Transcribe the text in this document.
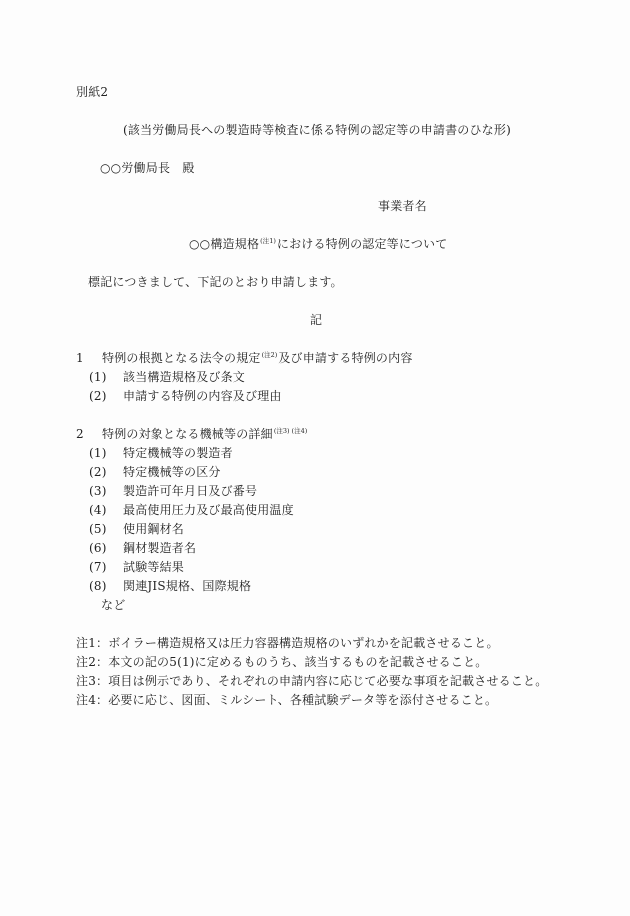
別紙2
(該当労働局長への製造時等検査に係る特例の認定等の申請書のひな形)
○○労働局長　殿
事業者名
○○構造規格$^{(注1)}$における特例の認定等について
標記につきまして、下記のとおり申請します。
記
1 特例の根拠となる法令の規定$^{(注2)}$及び申請する特例の内容
(1) 該当構造規格及び条文
(2) 申請する特例の内容及び理由
2 特例の対象となる機械等の詳細$^{(注3)}$ $^{(注4)}$
(1) 特定機械等の製造者
(2) 特定機械等の区分
(3) 製造許可年月日及び番号
(4) 最高使用圧力及び最高使用温度
(5) 使用鋼材名
(6) 鋼材製造者名
(7) 試験等結果
(8) 関連JIS規格、国際規格
など
注1：ボイラー構造規格又は圧力容器構造規格のいずれかを記載させること。
注2：本文の記の5(1)に定めるものうち、該当するものを記載させること。
注3：項目は例示であり、それぞれの申請内容に応じて必要な事項を記載させること。
注4：必要に応じ、図面、ミルシート、各種試験データ等を添付させること。
